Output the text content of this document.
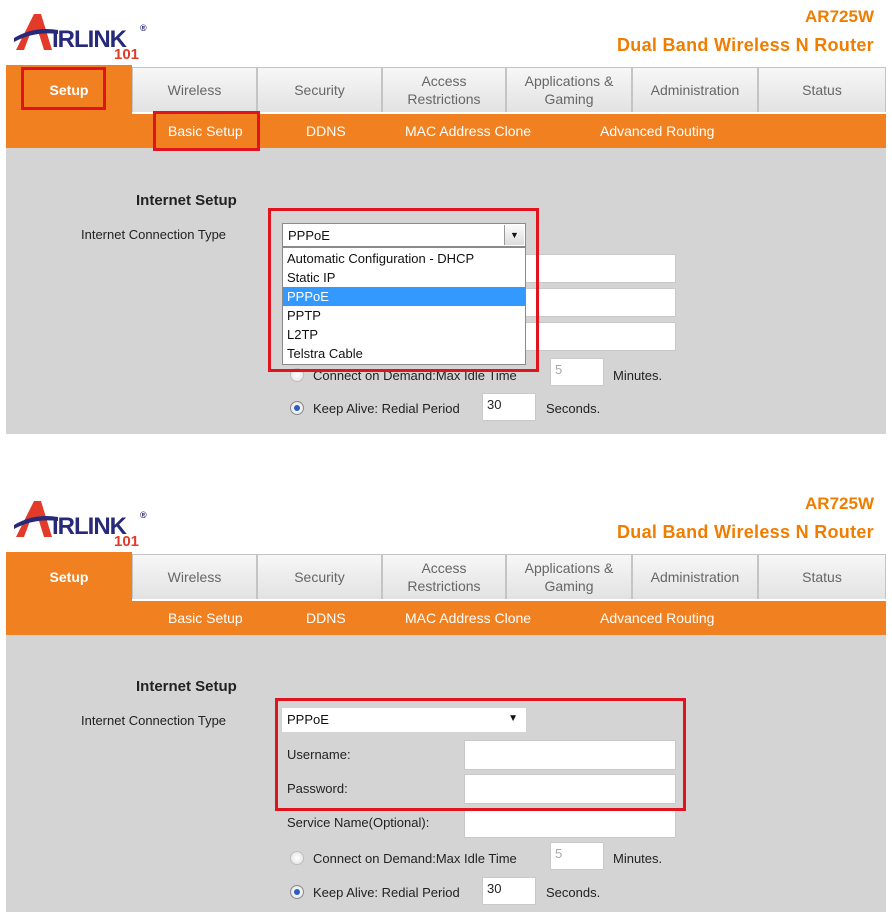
IRLINK ®
101
AR725W
Dual Band Wireless N Router
Setup	Wireless	Security
Access Restrictions
Applications & Gaming
Administration	Status
Basic Setup	DDNS	MAC Address Clone	Advanced Routing
Internet Setup
Internet Connection Type	PPPoE	▼
Connect on Demand:Max Idle Time	5	Minutes.
Keep Alive: Redial Period 30	Seconds.
Automatic Configuration - DHCP
Static IP
PPPoE
PPTP
L2TP
Telstra Cable
IRLINK ®
101
AR725W
Dual Band Wireless N Router
Setup	Wireless	Security
Access Restrictions
Applications & Gaming
Administration	Status
Basic Setup	DDNS	MAC Address Clone	Advanced Routing
Internet Setup
Internet Connection Type	PPPoE	▼
Username:
Password:
Service Name(Optional):
Connect on Demand:Max Idle Time	5	Minutes.
Keep Alive: Redial Period 30	Seconds.
